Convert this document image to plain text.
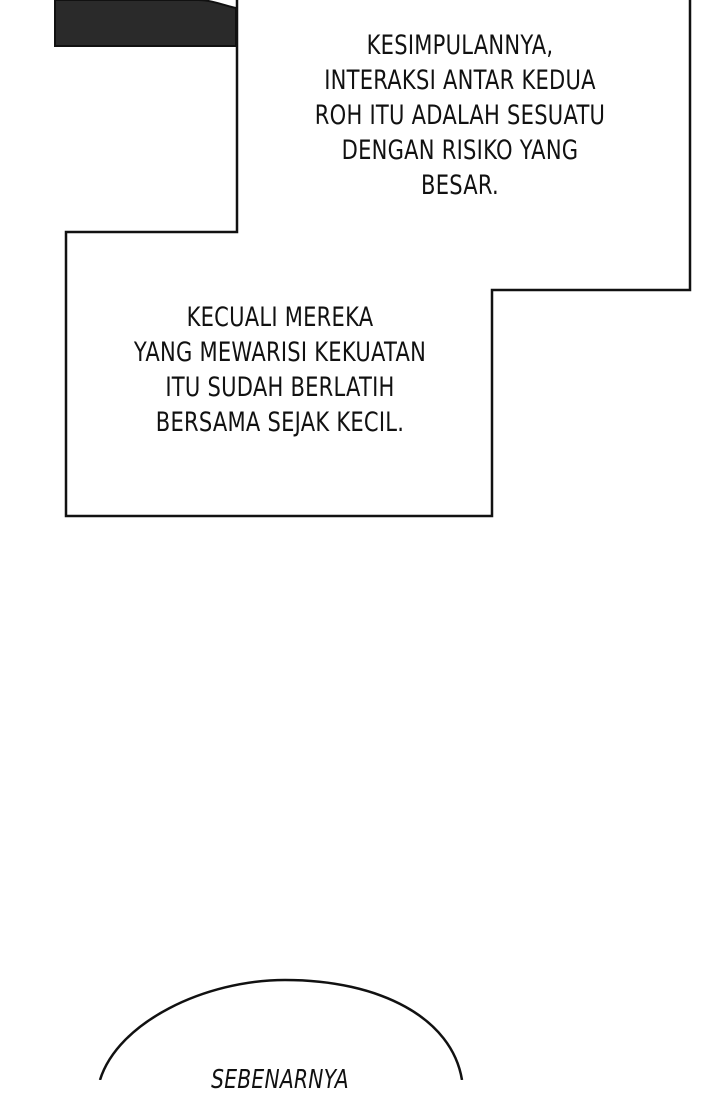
KESIMPULANNYA,
INTERAKSI ANTAR KEDUA
ROH ITU ADALAH SESUATU
DENGAN RISIKO YANG
BESAR.
KECUALI MEREKA
YANG MEWARISI KEKUATAN
ITU SUDAH BERLATIH
BERSAMA SEJAK KECIL.
SEBENARNYA
